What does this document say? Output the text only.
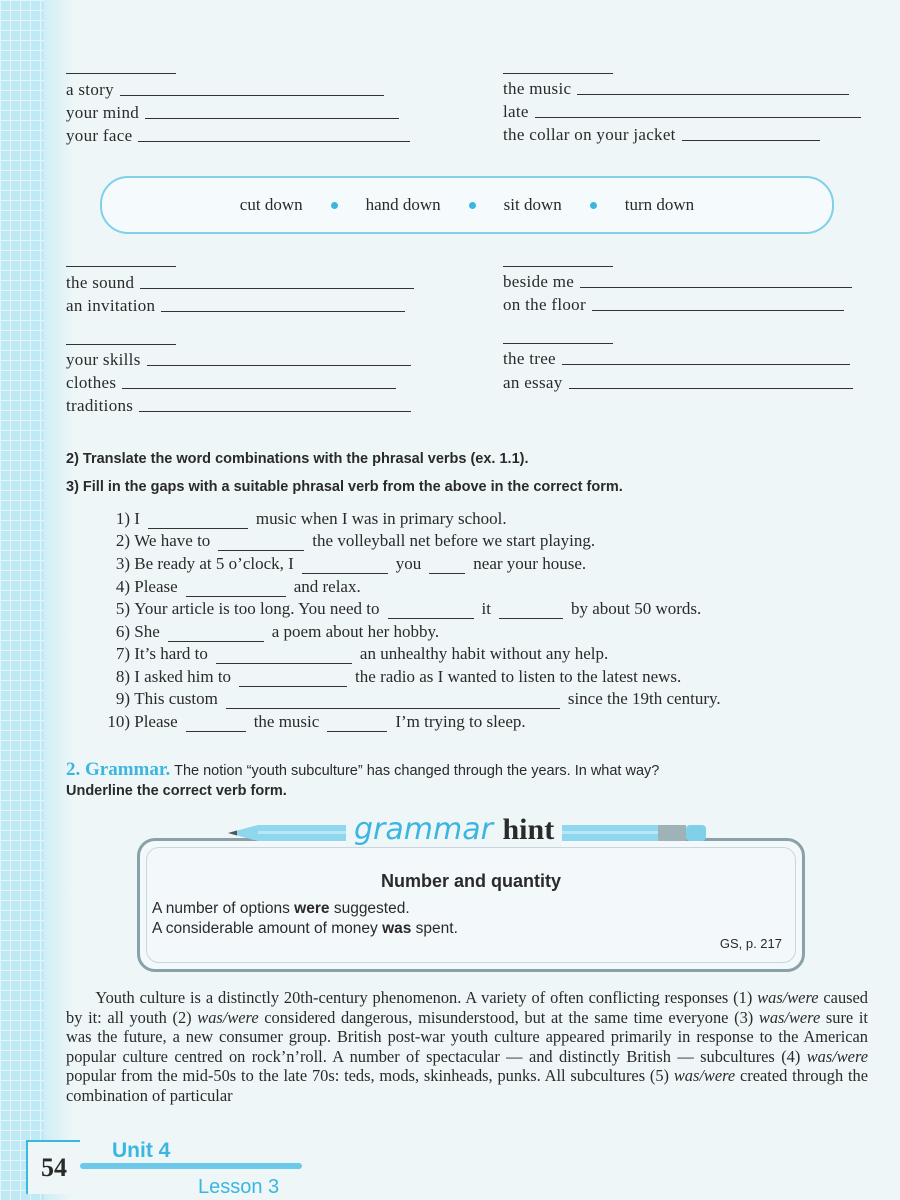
a story
your mind
your face
the music
late
the collar on your jacket
cut down	hand down	sit down	turn down
the sound
an invitation
beside me
on the floor
your skills
clothes
traditions
the tree
an essay
2) Translate the word combinations with the phrasal verbs (ex. 1.1).
3) Fill in the gaps with a suitable phrasal verb from the above in the correct form.
1)
I	music when I was in primary school.
2)
We have to	the volleyball net before we start playing.
3)
Be ready at 5 o’clock, I	you	near your house.
4)
Please	and relax.
5)
Your article is too long. You need to	it	by about 50 words.
6)
She	a poem about her hobby.
7)
It’s hard to	an unhealthy habit without any help.
8)
I asked him to	the radio as I wanted to listen to the latest news.
9)
This custom	since the 19th century.
10)
Please	the music	I’m trying to sleep.
2. Grammar. The notion “youth subculture” has changed through the years. In what way?
Underline the correct verb form.
Number and quantity
A number of options were suggested.
A considerable amount of money was spent.
GS, p. 217
grammar hint
Youth culture is a distinctly 20th-century phenomenon. A variety of often conflicting responses (1) was/were caused by it: all youth (2) was/were considered dangerous, misunderstood, but at the same time everyone (3) was/were sure it was the future, a new consumer group. British post-war youth culture appeared primarily in response to the American popular culture centred on rock’n’roll. A number of spectacular — and distinctly British — subcultures (4) was/were popular from the mid-50s to the late 70s: teds, mods, skinheads, punks. All subcultures (5) was/were created through the combination of particular
54
Unit 4
Lesson 3
